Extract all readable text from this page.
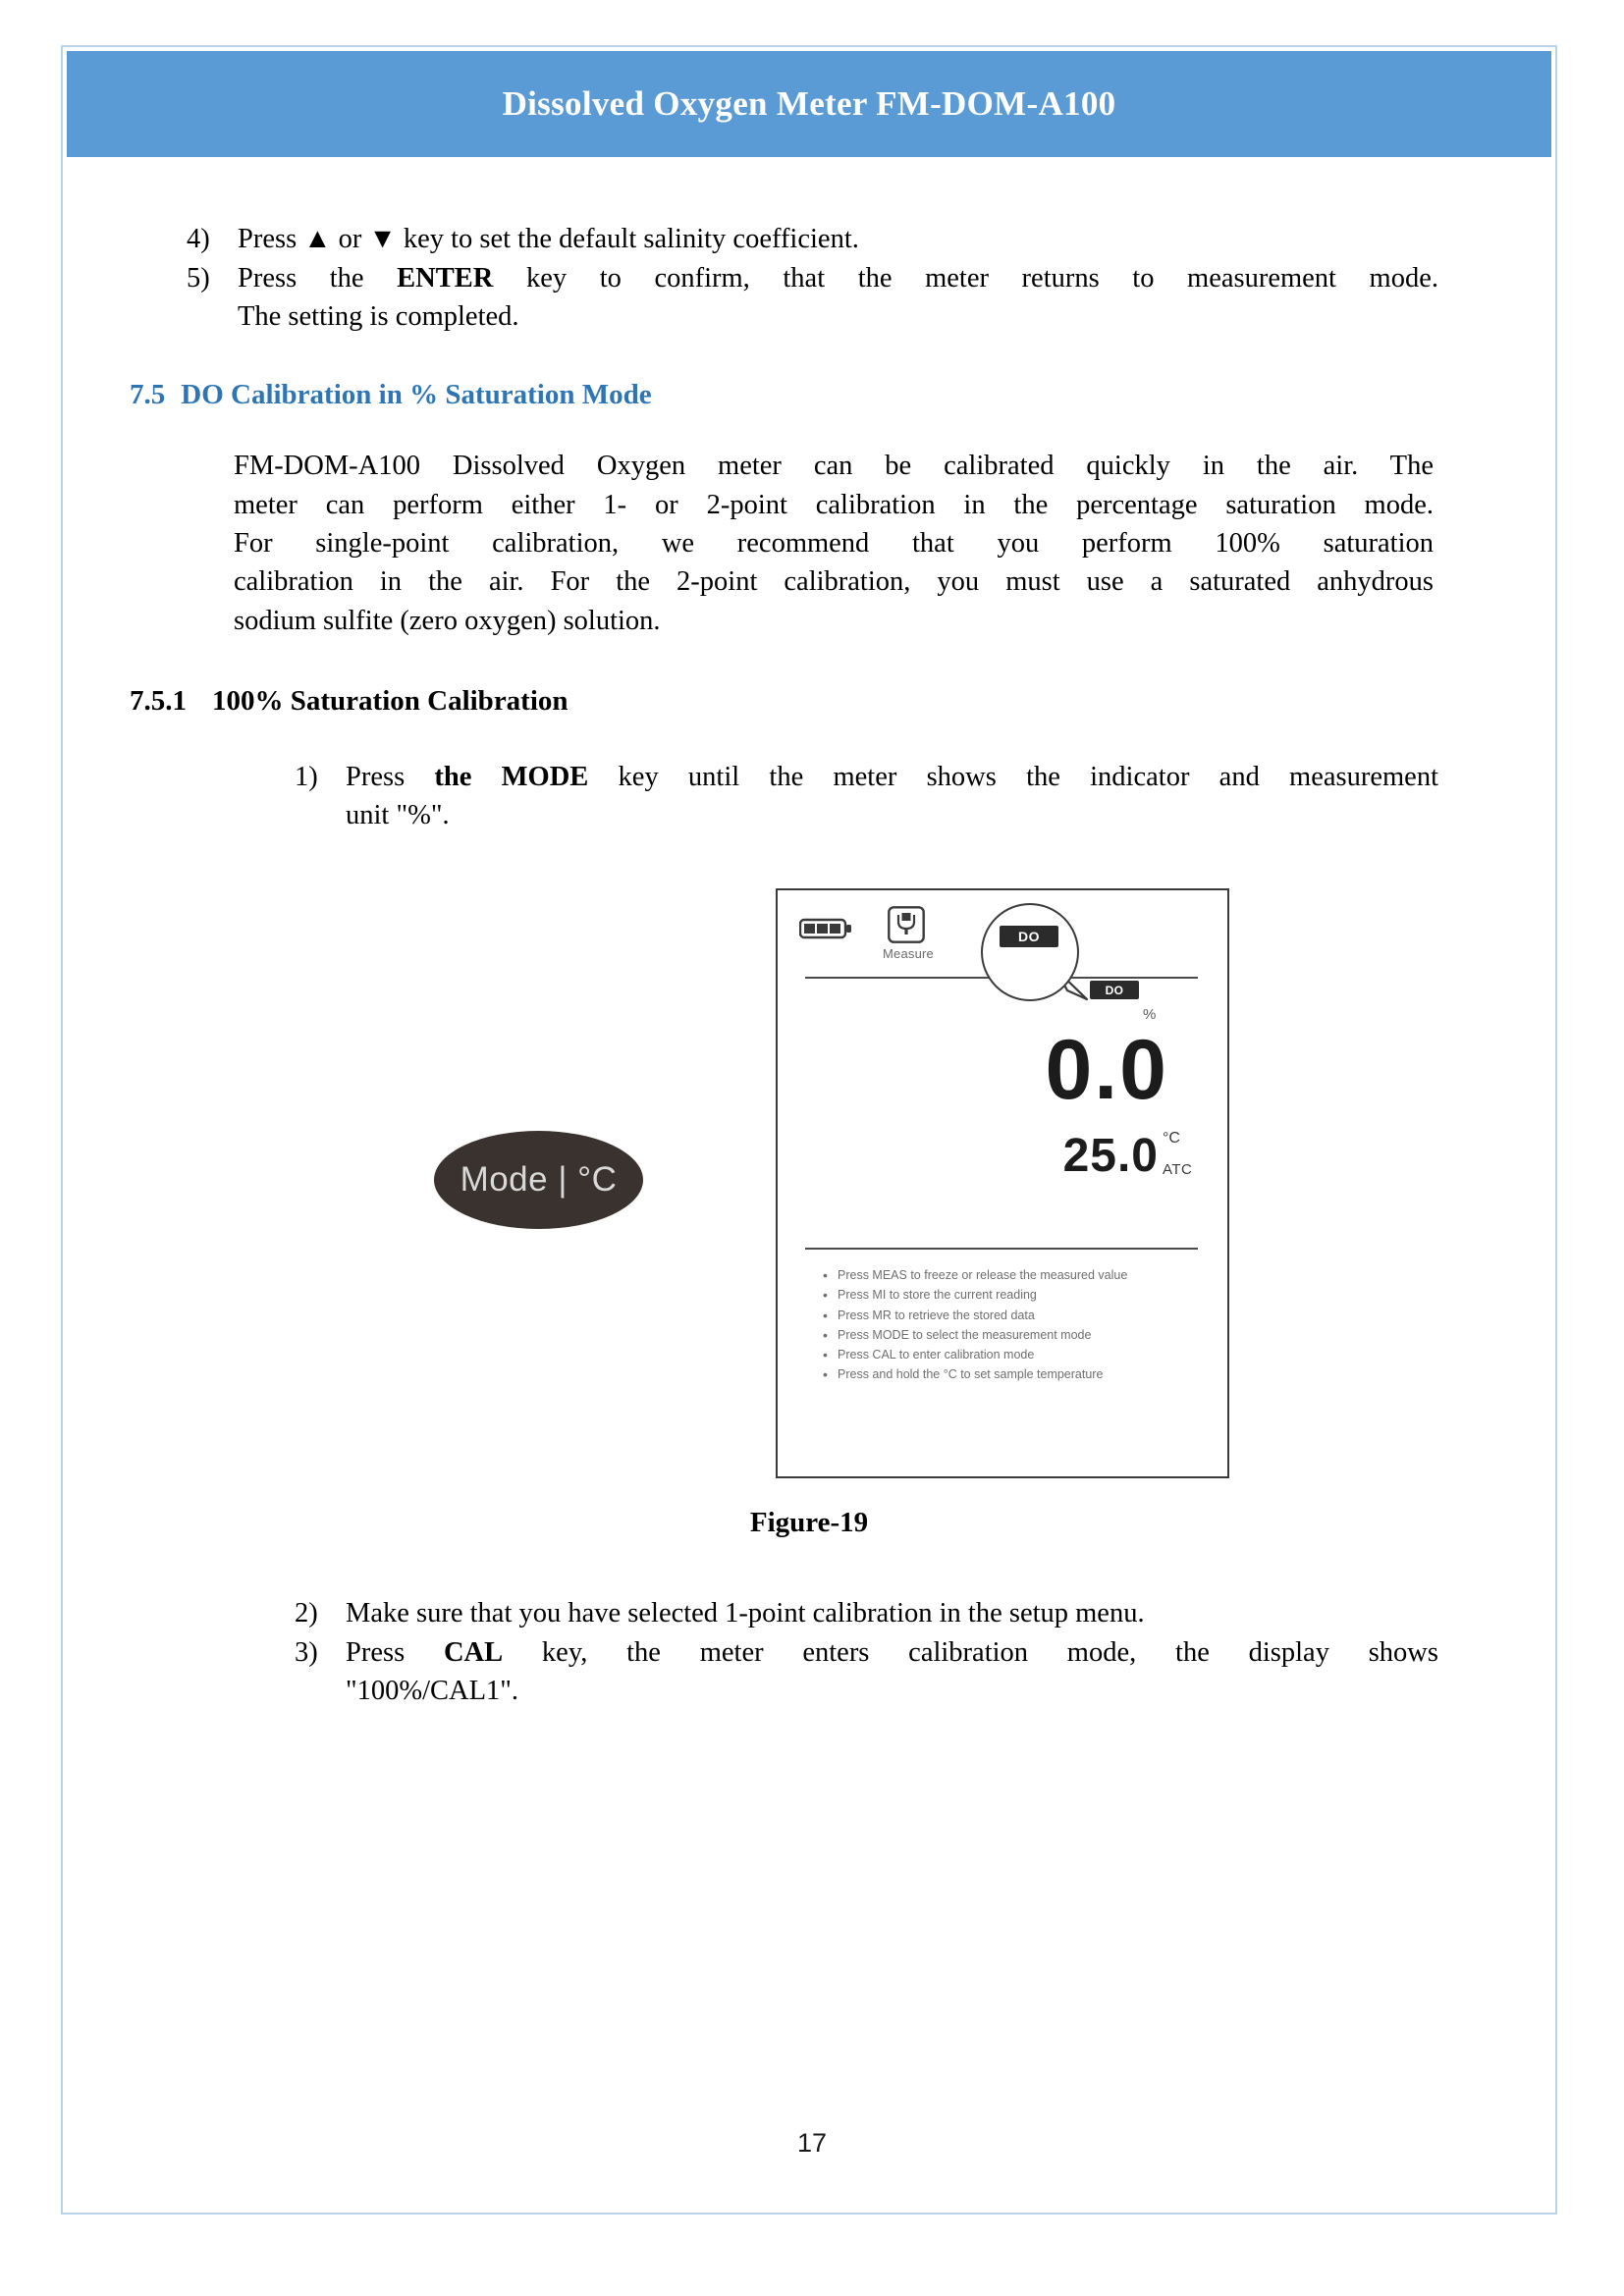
Dissolved Oxygen Meter FM-DOM-A100
4) Press ▲ or ▼ key to set the default salinity coefficient.
5) Press the ENTER key to confirm, that the meter returns to measurement mode.
The setting is completed.
7.5 DO Calibration in % Saturation Mode
FM-DOM-A100 Dissolved Oxygen meter can be calibrated quickly in the air. The
meter can perform either 1- or 2-point calibration in the percentage saturation mode.
For single-point calibration, we recommend that you perform 100% saturation
calibration in the air. For the 2-point calibration, you must use a saturated anhydrous
sodium sulfite (zero oxygen) solution.
7.5.1 100% Saturation Calibration
1) Press the MODE key until the meter shows the indicator and measurement
unit "%".
Mode | °C
Measure
DO
DO
%
0.0
25.0 °C
ATC
• Press MEAS to freeze or release the measured value
• Press MI to store the current reading
• Press MR to retrieve the stored data
• Press MODE to select the measurement mode
• Press CAL to enter calibration mode
• Press and hold the °C to set sample temperature
Figure-19
2) Make sure that you have selected 1-point calibration in the setup menu.
3) Press CAL key, the meter enters calibration mode, the display shows
"100%/CAL1".
17
